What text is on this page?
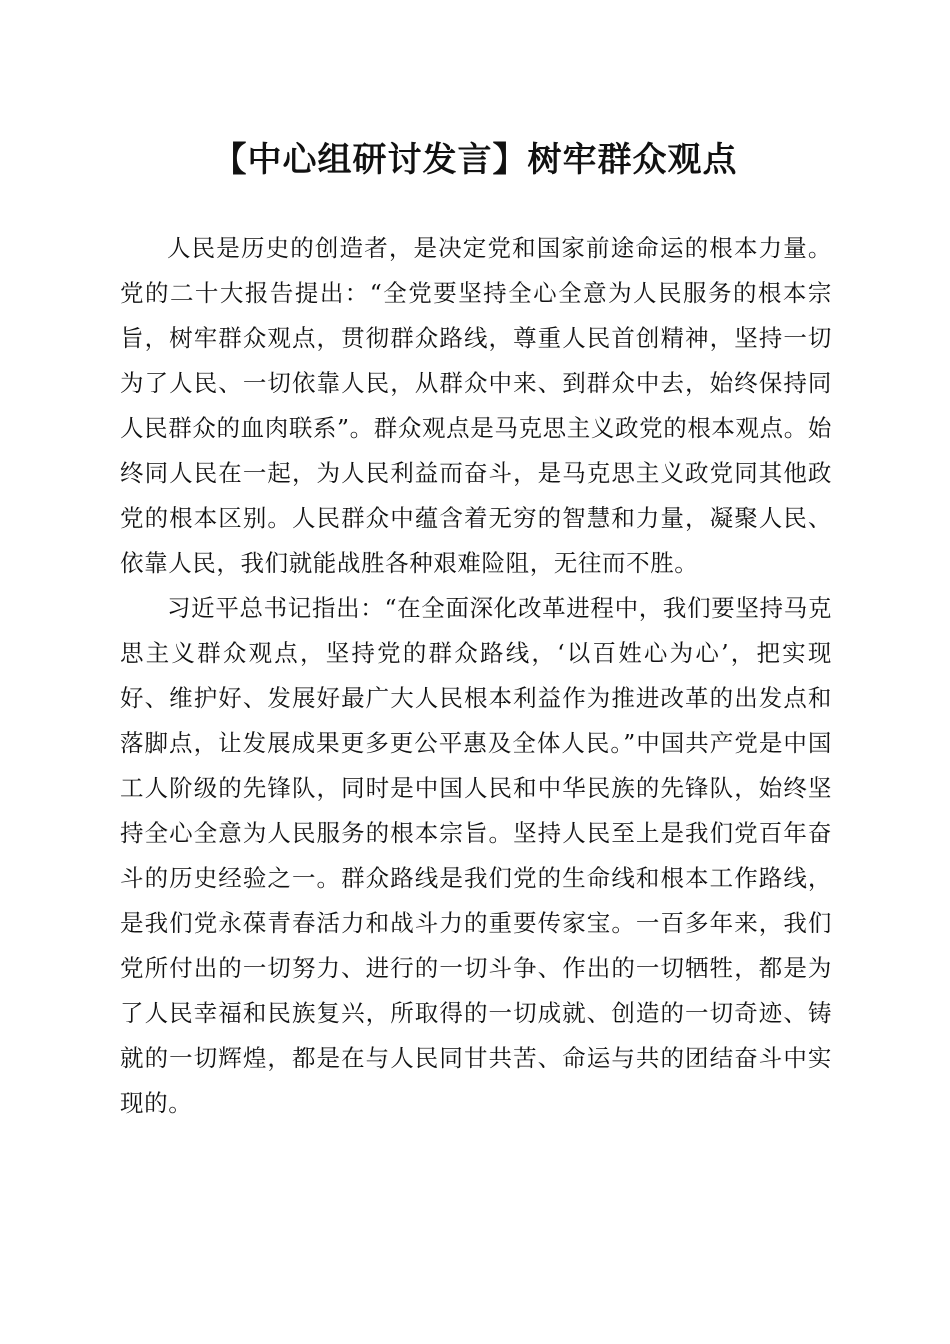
【中心组研讨发言】树牢群众观点

人民是历史的创造者，是决定党和国家前途命运的根本力量。党的二十大报告提出：“全党要坚持全心全意为人民服务的根本宗旨，树牢群众观点，贯彻群众路线，尊重人民首创精神，坚持一切为了人民、一切依靠人民，从群众中来、到群众中去，始终保持同人民群众的血肉联系”。群众观点是马克思主义政党的根本观点。始终同人民在一起，为人民利益而奋斗，是马克思主义政党同其他政党的根本区别。人民群众中蕴含着无穷的智慧和力量，凝聚人民、依靠人民，我们就能战胜各种艰难险阻，无往而不胜。

习近平总书记指出：“在全面深化改革进程中，我们要坚持马克思主义群众观点，坚持党的群众路线，‘以百姓心为心’，把实现好、维护好、发展好最广大人民根本利益作为推进改革的出发点和落脚点，让发展成果更多更公平惠及全体人民。”中国共产党是中国工人阶级的先锋队，同时是中国人民和中华民族的先锋队，始终坚持全心全意为人民服务的根本宗旨。坚持人民至上是我们党百年奋斗的历史经验之一。群众路线是我们党的生命线和根本工作路线，是我们党永葆青春活力和战斗力的重要传家宝。一百多年来，我们党所付出的一切努力、进行的一切斗争、作出的一切牺牲，都是为了人民幸福和民族复兴，所取得的一切成就、创造的一切奇迹、铸就的一切辉煌，都是在与人民同甘共苦、命运与共的团结奋斗中实现的。
